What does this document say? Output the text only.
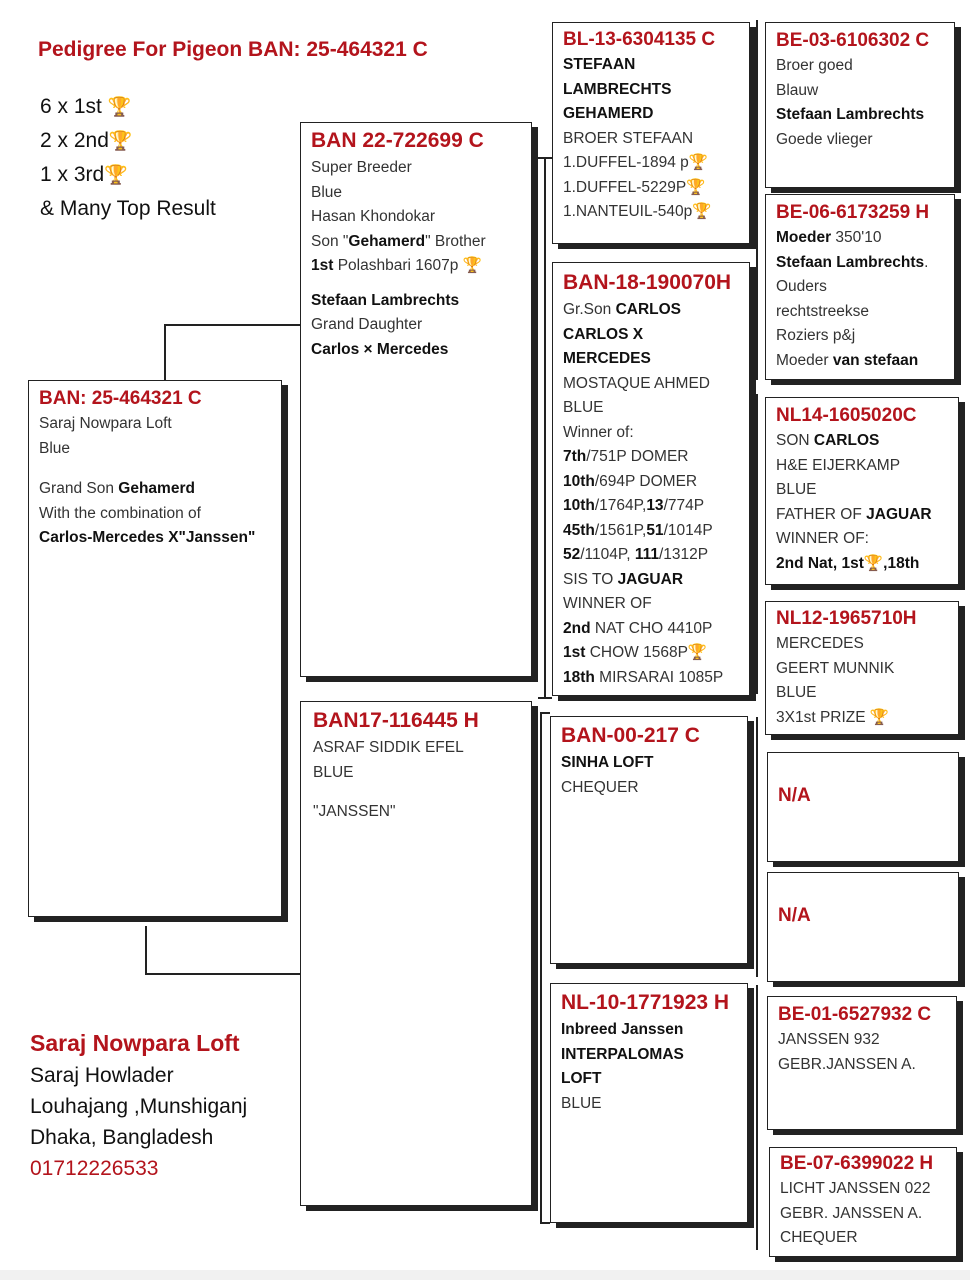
Pedigree For Pigeon BAN: 25-464321 C
6 x 1st 🏆
2 x 2nd🏆
1 x 3rd🏆
& Many Top Result
BAN: 25-464321 C
Saraj Nowpara Loft
Blue
Grand Son Gehamerd
With the combination of
Carlos-Mercedes X"Janssen"
BAN 22-722699 C
Super Breeder
Blue
Hasan Khondokar
Son "Gehamerd" Brother
1st Polashbari 1607p 🏆
Stefaan Lambrechts
Grand Daughter
Carlos × Mercedes
BAN17-116445 H
ASRAF SIDDIK EFEL
BLUE
"JANSSEN"
BL-13-6304135 C
STEFAAN
LAMBRECHTS
GEHAMERD
BROER STEFAAN
1.DUFFEL-1894 p🏆
1.DUFFEL-5229P🏆
1.NANTEUIL-540p🏆
BAN-18-190070H
Gr.Son CARLOS
CARLOS X
MERCEDES
MOSTAQUE AHMED
BLUE
Winner of:
7th/751P DOMER
10th/694P DOMER
10th/1764P,13/774P
45th/1561P,51/1014P
52/1104P, 111/1312P
SIS TO JAGUAR
WINNER OF
2nd NAT CHO 4410P
1st CHOW 1568P🏆
18th MIRSARAI 1085P
BAN-00-217 C
SINHA LOFT
CHEQUER
NL-10-1771923 H
Inbreed Janssen
INTERPALOMAS
LOFT
BLUE
BE-03-6106302 C
Broer goed
Blauw
Stefaan Lambrechts
Goede vlieger
BE-06-6173259 H
Moeder 350'10
Stefaan Lambrechts.
Ouders
rechtstreekse
Roziers p&j
Moeder van stefaan
NL14-1605020C
SON CARLOS
H&E EIJERKAMP
BLUE
FATHER OF JAGUAR
WINNER OF:
2nd Nat, 1st🏆,18th
NL12-1965710H
MERCEDES
GEERT MUNNIK
BLUE
3X1st PRIZE 🏆
N/A
N/A
BE-01-6527932 C
JANSSEN 932
GEBR.JANSSEN A.
BE-07-6399022 H
LICHT JANSSEN 022
GEBR. JANSSEN A.
CHEQUER
Saraj Nowpara Loft
Saraj Howlader
Louhajang ,Munshiganj
Dhaka, Bangladesh
01712226533
